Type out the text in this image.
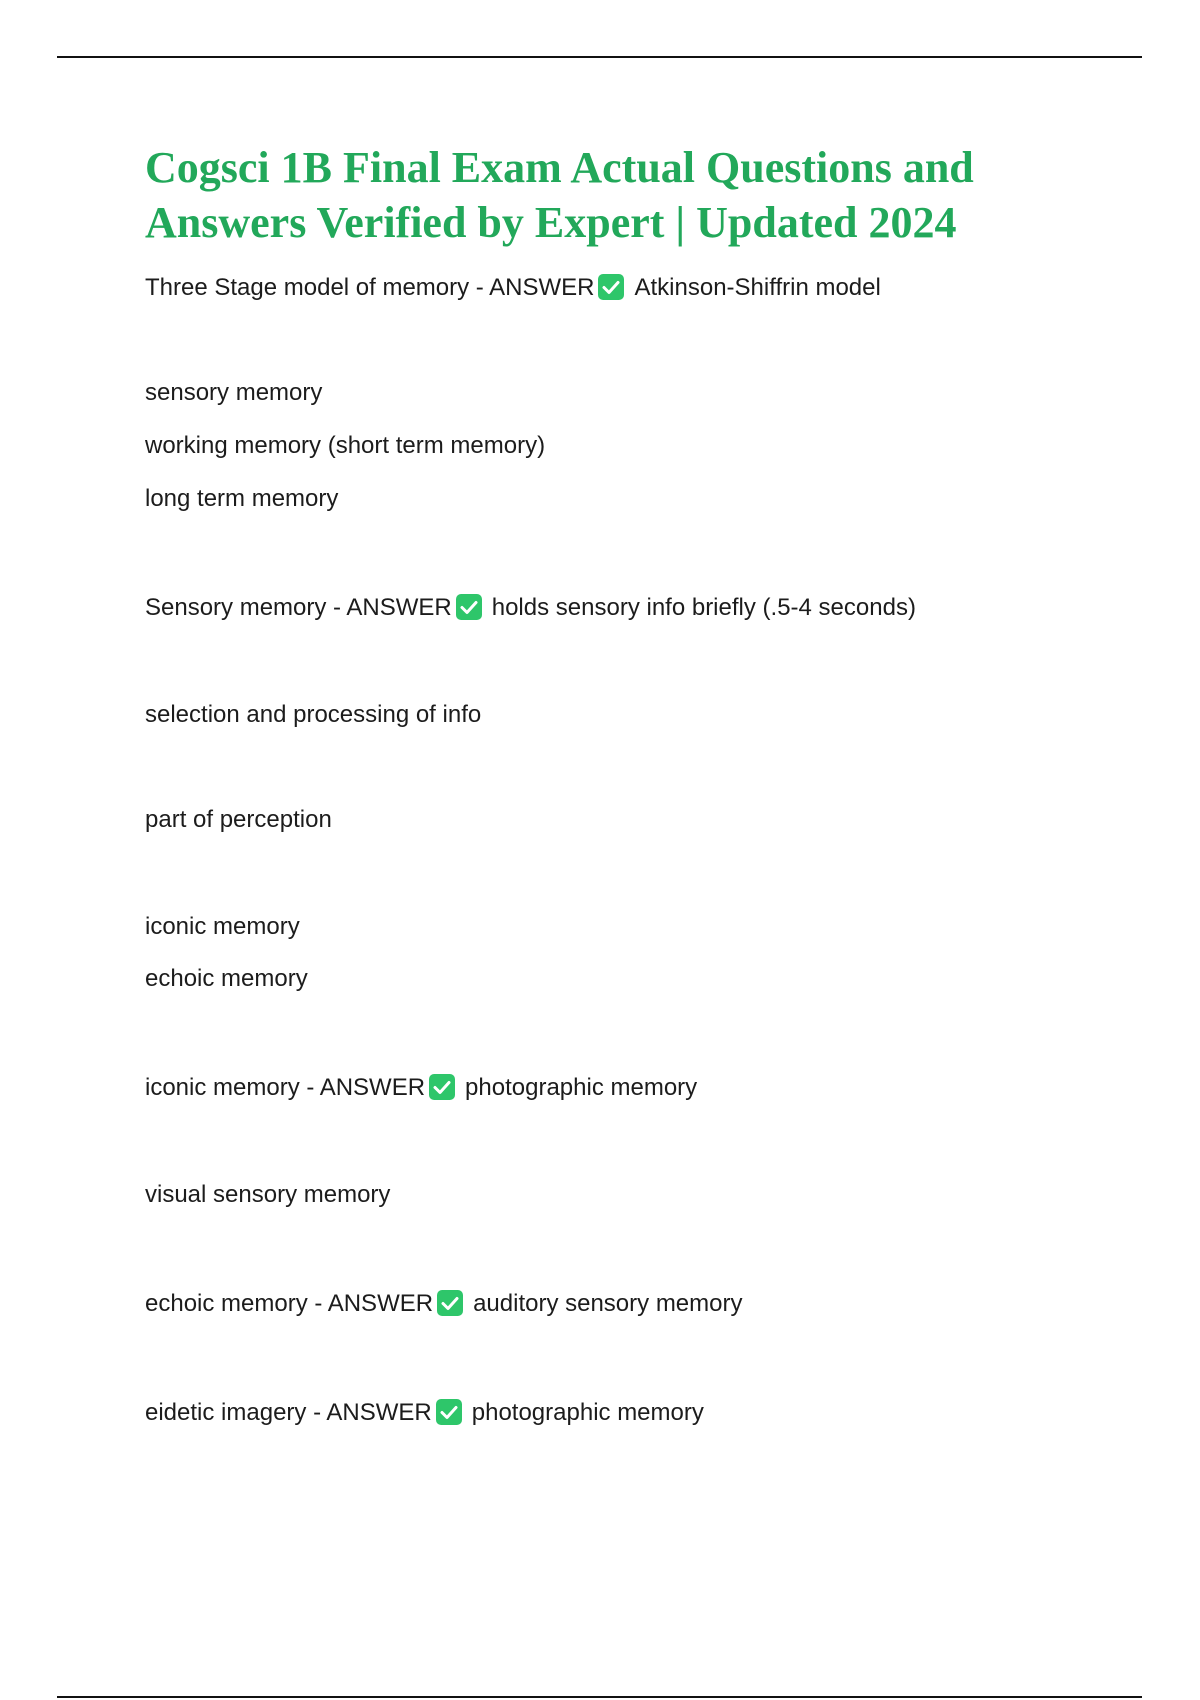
Cogsci 1B Final Exam Actual Questions and Answers Verified by Expert | Updated 2024
Three Stage model of memory - ANSWER Atkinson-Shiffrin model
sensory memory
working memory (short term memory)
long term memory
Sensory memory - ANSWER holds sensory info briefly (.5-4 seconds)
selection and processing of info
part of perception
iconic memory
echoic memory
iconic memory - ANSWER photographic memory
visual sensory memory
echoic memory - ANSWER auditory sensory memory
eidetic imagery - ANSWER photographic memory
